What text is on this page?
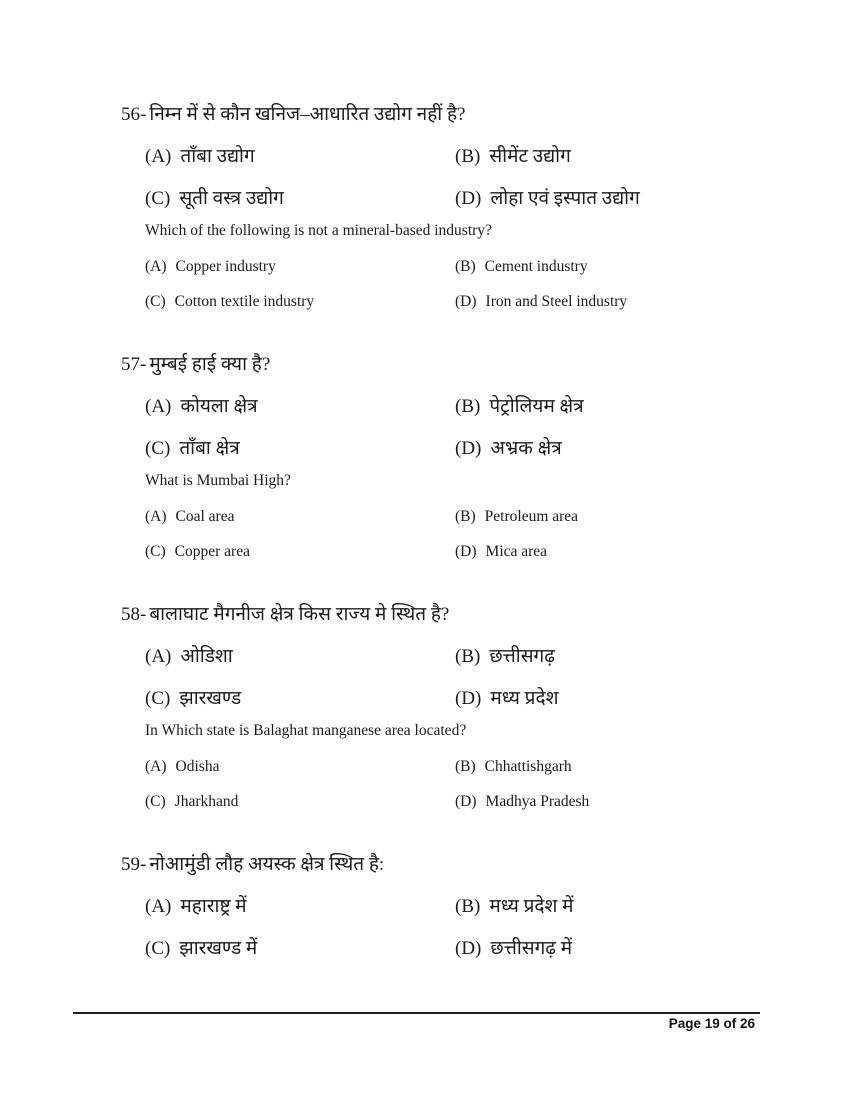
56- निम्न में से कौन खनिज–आधारित उद्योग नहीं है?
(A) ताँबा उद्योग	(B) सीमेंट उद्योग
(C) सूती वस्त्र उद्योग	(D) लोहा एवं इस्पात उद्योग
Which of the following is not a mineral-based industry?
(A) Copper industry	(B) Cement industry
(C) Cotton textile industry	(D) Iron and Steel industry
57- मुम्बई हाई क्या है?
(A) कोयला क्षेत्र	(B) पेट्रोलियम क्षेत्र
(C) ताँबा क्षेत्र	(D) अभ्रक क्षेत्र
What is Mumbai High?
(A) Coal area	(B) Petroleum area
(C) Copper area	(D) Mica area
58- बालाघाट मैगनीज क्षेत्र किस राज्य मे स्थित है?
(A) ओडिशा	(B) छत्तीसगढ़
(C) झारखण्ड	(D) मध्य प्रदेश
In Which state is Balaghat manganese area located?
(A) Odisha	(B) Chhattishgarh
(C) Jharkhand	(D) Madhya Pradesh
59- नोआमुंडी लौह अयस्क क्षेत्र स्थित है:
(A) महाराष्ट्र में	(B) मध्य प्रदेश में
(C) झारखण्ड में	(D) छत्तीसगढ़ में
Page 19 of 26
